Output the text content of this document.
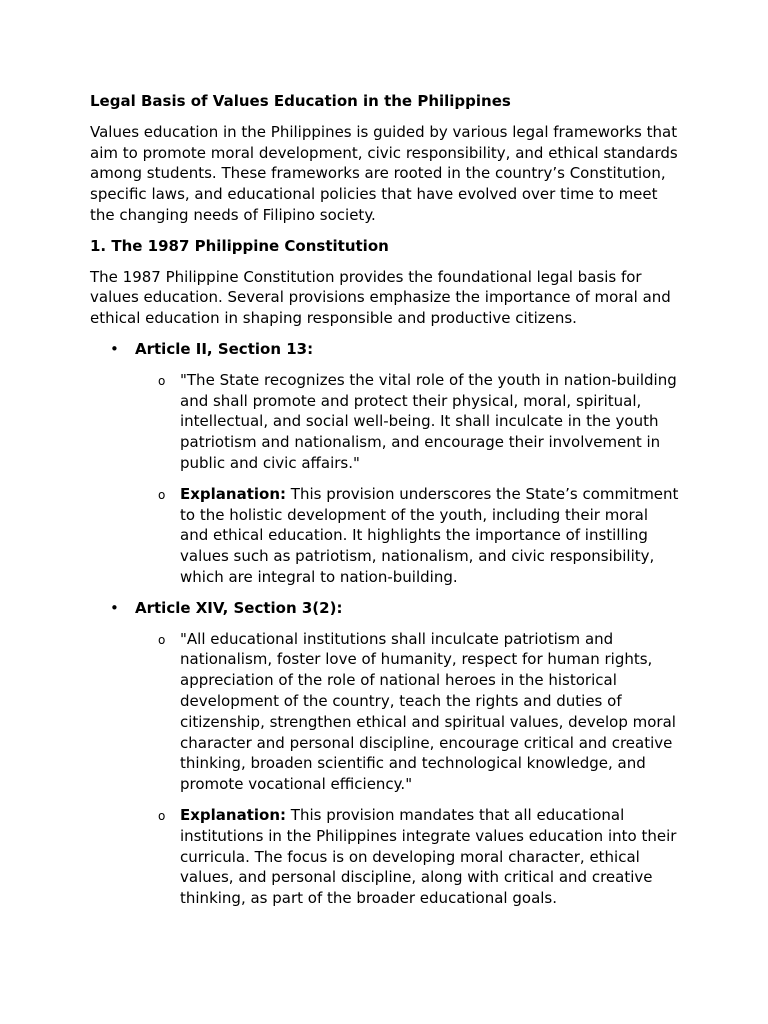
Legal Basis of Values Education in the Philippines

Values education in the Philippines is guided by various legal frameworks that aim to promote moral development, civic responsibility, and ethical standards among students. These frameworks are rooted in the country’s Constitution, specific laws, and educational policies that have evolved over time to meet the changing needs of Filipino society.

1. The 1987 Philippine Constitution

The 1987 Philippine Constitution provides the foundational legal basis for values education. Several provisions emphasize the importance of moral and ethical education in shaping responsible and productive citizens.

• Article II, Section 13:
o "The State recognizes the vital role of the youth in nation-building and shall promote and protect their physical, moral, spiritual, intellectual, and social well-being. It shall inculcate in the youth patriotism and nationalism, and encourage their involvement in public and civic affairs."
o Explanation: This provision underscores the State’s commitment to the holistic development of the youth, including their moral and ethical education. It highlights the importance of instilling values such as patriotism, nationalism, and civic responsibility, which are integral to nation-building.
• Article XIV, Section 3(2):
o "All educational institutions shall inculcate patriotism and nationalism, foster love of humanity, respect for human rights, appreciation of the role of national heroes in the historical development of the country, teach the rights and duties of citizenship, strengthen ethical and spiritual values, develop moral character and personal discipline, encourage critical and creative thinking, broaden scientific and technological knowledge, and promote vocational efficiency."
o Explanation: This provision mandates that all educational institutions in the Philippines integrate values education into their curricula. The focus is on developing moral character, ethical values, and personal discipline, along with critical and creative thinking, as part of the broader educational goals.
